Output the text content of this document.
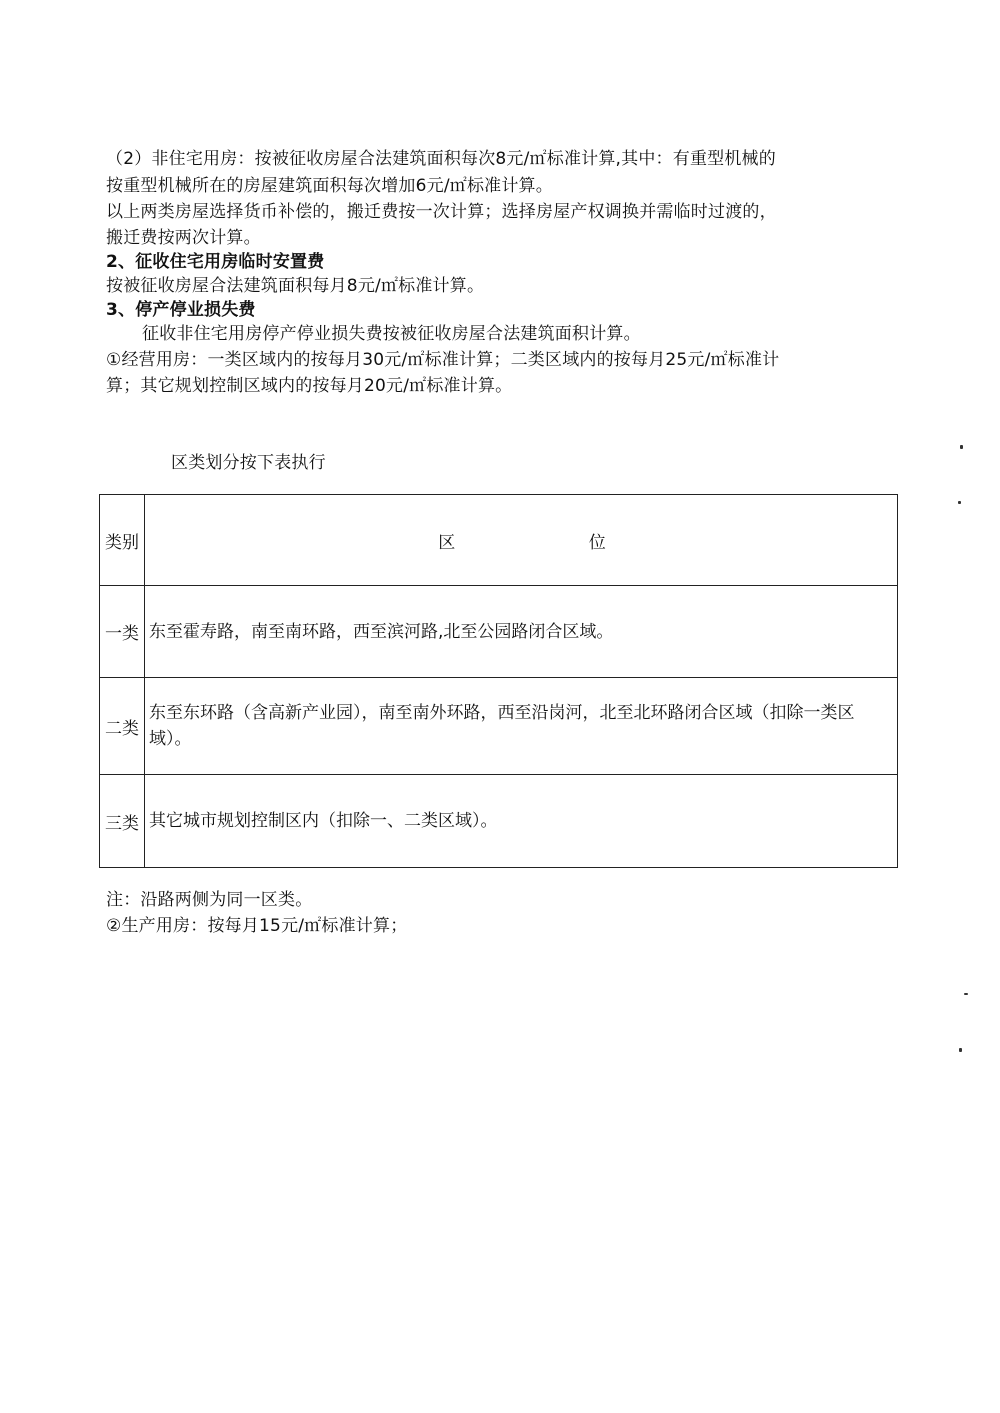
（2）非住宅用房：按被征收房屋合法建筑面积每次8元/㎡标准计算,其中：有重型机械的
按重型机械所在的房屋建筑面积每次增加6元/㎡标准计算。
以上两类房屋选择货币补偿的，搬迁费按一次计算；选择房屋产权调换并需临时过渡的，
搬迁费按两次计算。
2、征收住宅用房临时安置费
按被征收房屋合法建筑面积每月8元/㎡标准计算。
3、停产停业损失费
征收非住宅用房停产停业损失费按被征收房屋合法建筑面积计算。
①经营用房：一类区域内的按每月30元/㎡标准计算；二类区域内的按每月25元/㎡标准计
算；其它规划控制区域内的按每月20元/㎡标准计算。
区类划分按下表执行
类别	区 位
一类	东至霍寿路，南至南环路，西至滨河路,北至公园路闭合区域。
二类	东至东环路（含高新产业园），南至南外环路，西至沿岗河，北至北环路闭合区域（扣除一类区域）。
三类	其它城市规划控制区内（扣除一、二类区域）。
注：沿路两侧为同一区类。
②生产用房：按每月15元/㎡标准计算；
